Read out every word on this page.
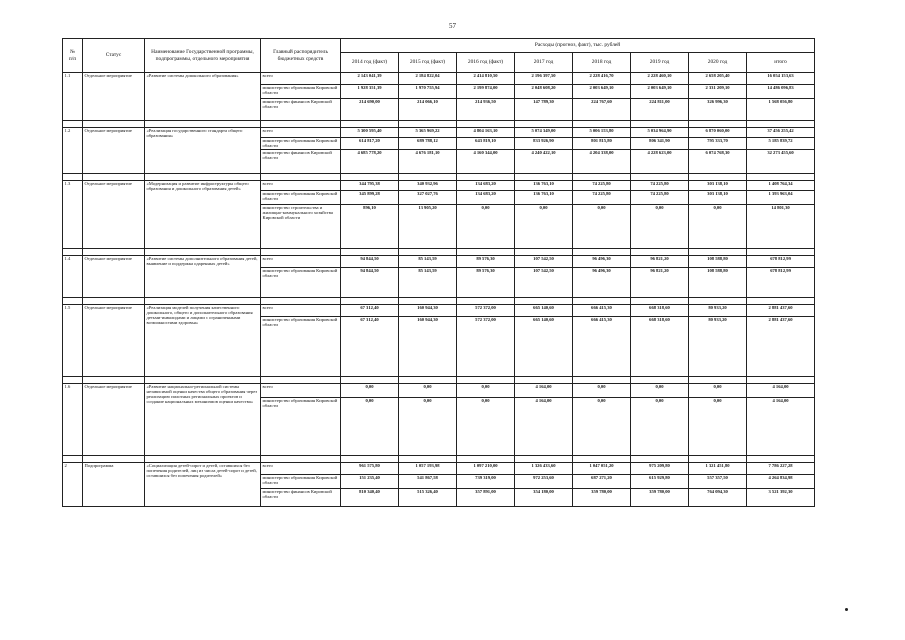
57
№
п/п	Статус	Наименование Государственной программы, подпрограммы, отдельного мероприятия	Главный распорядитель бюджетных средств	Расходы (прогноз, факт), тыс. рублей							
				2014 год (факт)	2015 год (факт)	2016 год (факт)	2017 год	2018 год	2019 год	2020 год	итого
1.1	Отдельное мероприятие	«Развитие системы дошкольного образования»	всего	2 143 041,39	2 184 822,04	2 414 810,50	2 196 397,50	2 228 416,70	2 228 460,10	2 658 205,40	16 054 153,63
			министерство образования Кировской области	1 928 351,39	1 970 755,94	2 199 874,00	2 048 608,20	2 003 649,10	2 003 649,10	2 331 209,10	14 486 096,83
			министерство финансов Кировской области	214 690,00	214 066,10	214 936,50	147 789,30	224 767,60	224 811,00	326 996,30	1 568 056,80

1.2	Отдельное мероприятие	«Реализация государственного стандарта общего образования»	всего	5 300 595,40	5 365 969,22	4 804 163,10	5 074 349,00	5 006 153,80	5 034 964,90	6 870 060,00	37 456 255,42
			министерство образования Кировской области	614 817,20	689 788,12	643 819,10	833 926,90	801 815,80	806 341,90	795 333,70	5 185 839,72
			министерство финансов Кировской области	4 685 778,20	4 676 181,10	4 160 344,00	4 240 422,10	4 204 338,00	4 228 623,00	6 074 768,30	32 273 455,60

1.3	Отдельное мероприятие	«Модернизация и развитие инфраструктуры общего образования и дошкольного образования детей»	всего	344 795,38	340 932,96	134 683,20	136 763,10	74 225,80	74 225,80	303 138,10	1 408 764,34
			министерство образования Кировской области	345 899,28	327 027,76	134 683,20	136 763,10	74 225,80	74 225,80	303 138,10	1 393 963,04
			министерство строительства и жилищно-коммунального хозяйства Кировской области	896,10	13 905,20	0,00	0,00	0,00	0,00	0,00	14 801,30

1.4	Отдельное мероприятие	«Развитие системы дополнительного образования детей, выявление и поддержка одаренных детей»	всего	94 844,50	85 143,59	89 576,30	107 542,50	96 496,30	96 821,20	108 588,80	678 812,99
			министерство образования Кировской области	94 844,50	85 143,59	89 576,30	107 542,50	96 496,30	96 821,20	108 588,80	678 812,99

1.5	Отдельное мероприятие	«Реализация моделей получения качественного дошкольного, общего и дополнительного образования детьми-инвалидами и лицами с ограниченными возможностями здоровья»	всего	67 312,40	160 944,30	572 372,00	665 140,60	666 415,30	668 318,60	80 933,20	2 881 437,60
			министерство образования Кировской области	67 312,40	160 944,30	572 372,00	665 140,60	666 415,30	668 318,60	80 933,20	2 881 437,60

1.6	Отдельное мероприятие	«Развитие национально-региональной системы независимой оценки качества общего образования через реализацию пилотных региональных проектов и создание национальных механизмов оценки качества»	всего	0,00	0,00	0,00	4 164,00	0,00	0,00	0,00	4 164,00
			министерство образования Кировской области	0,00	0,00	0,00	4 164,00	0,00	0,00	0,00	4 164,00

2	Подпрограмма	«Социализация детей-сирот и детей, оставшихся без попечения родителей, лиц из числа детей-сирот и детей, оставшихся без попечения родителей»	всего	961 575,80	1 057 193,98	1 097 210,00	1 326 433,60	1 047 051,20	975 209,80	1 321 451,80	7 786 227,28
			министерство образования Кировской области	151 235,40	541 867,58	739 319,00	972 253,60	687 271,20	615 929,80	557 357,50	4 264 834,98
			министерство финансов Кировской области	810 340,40	515 326,40	357 891,00	354 180,00	359 780,00	359 780,00	764 094,30	3 521 392,30
